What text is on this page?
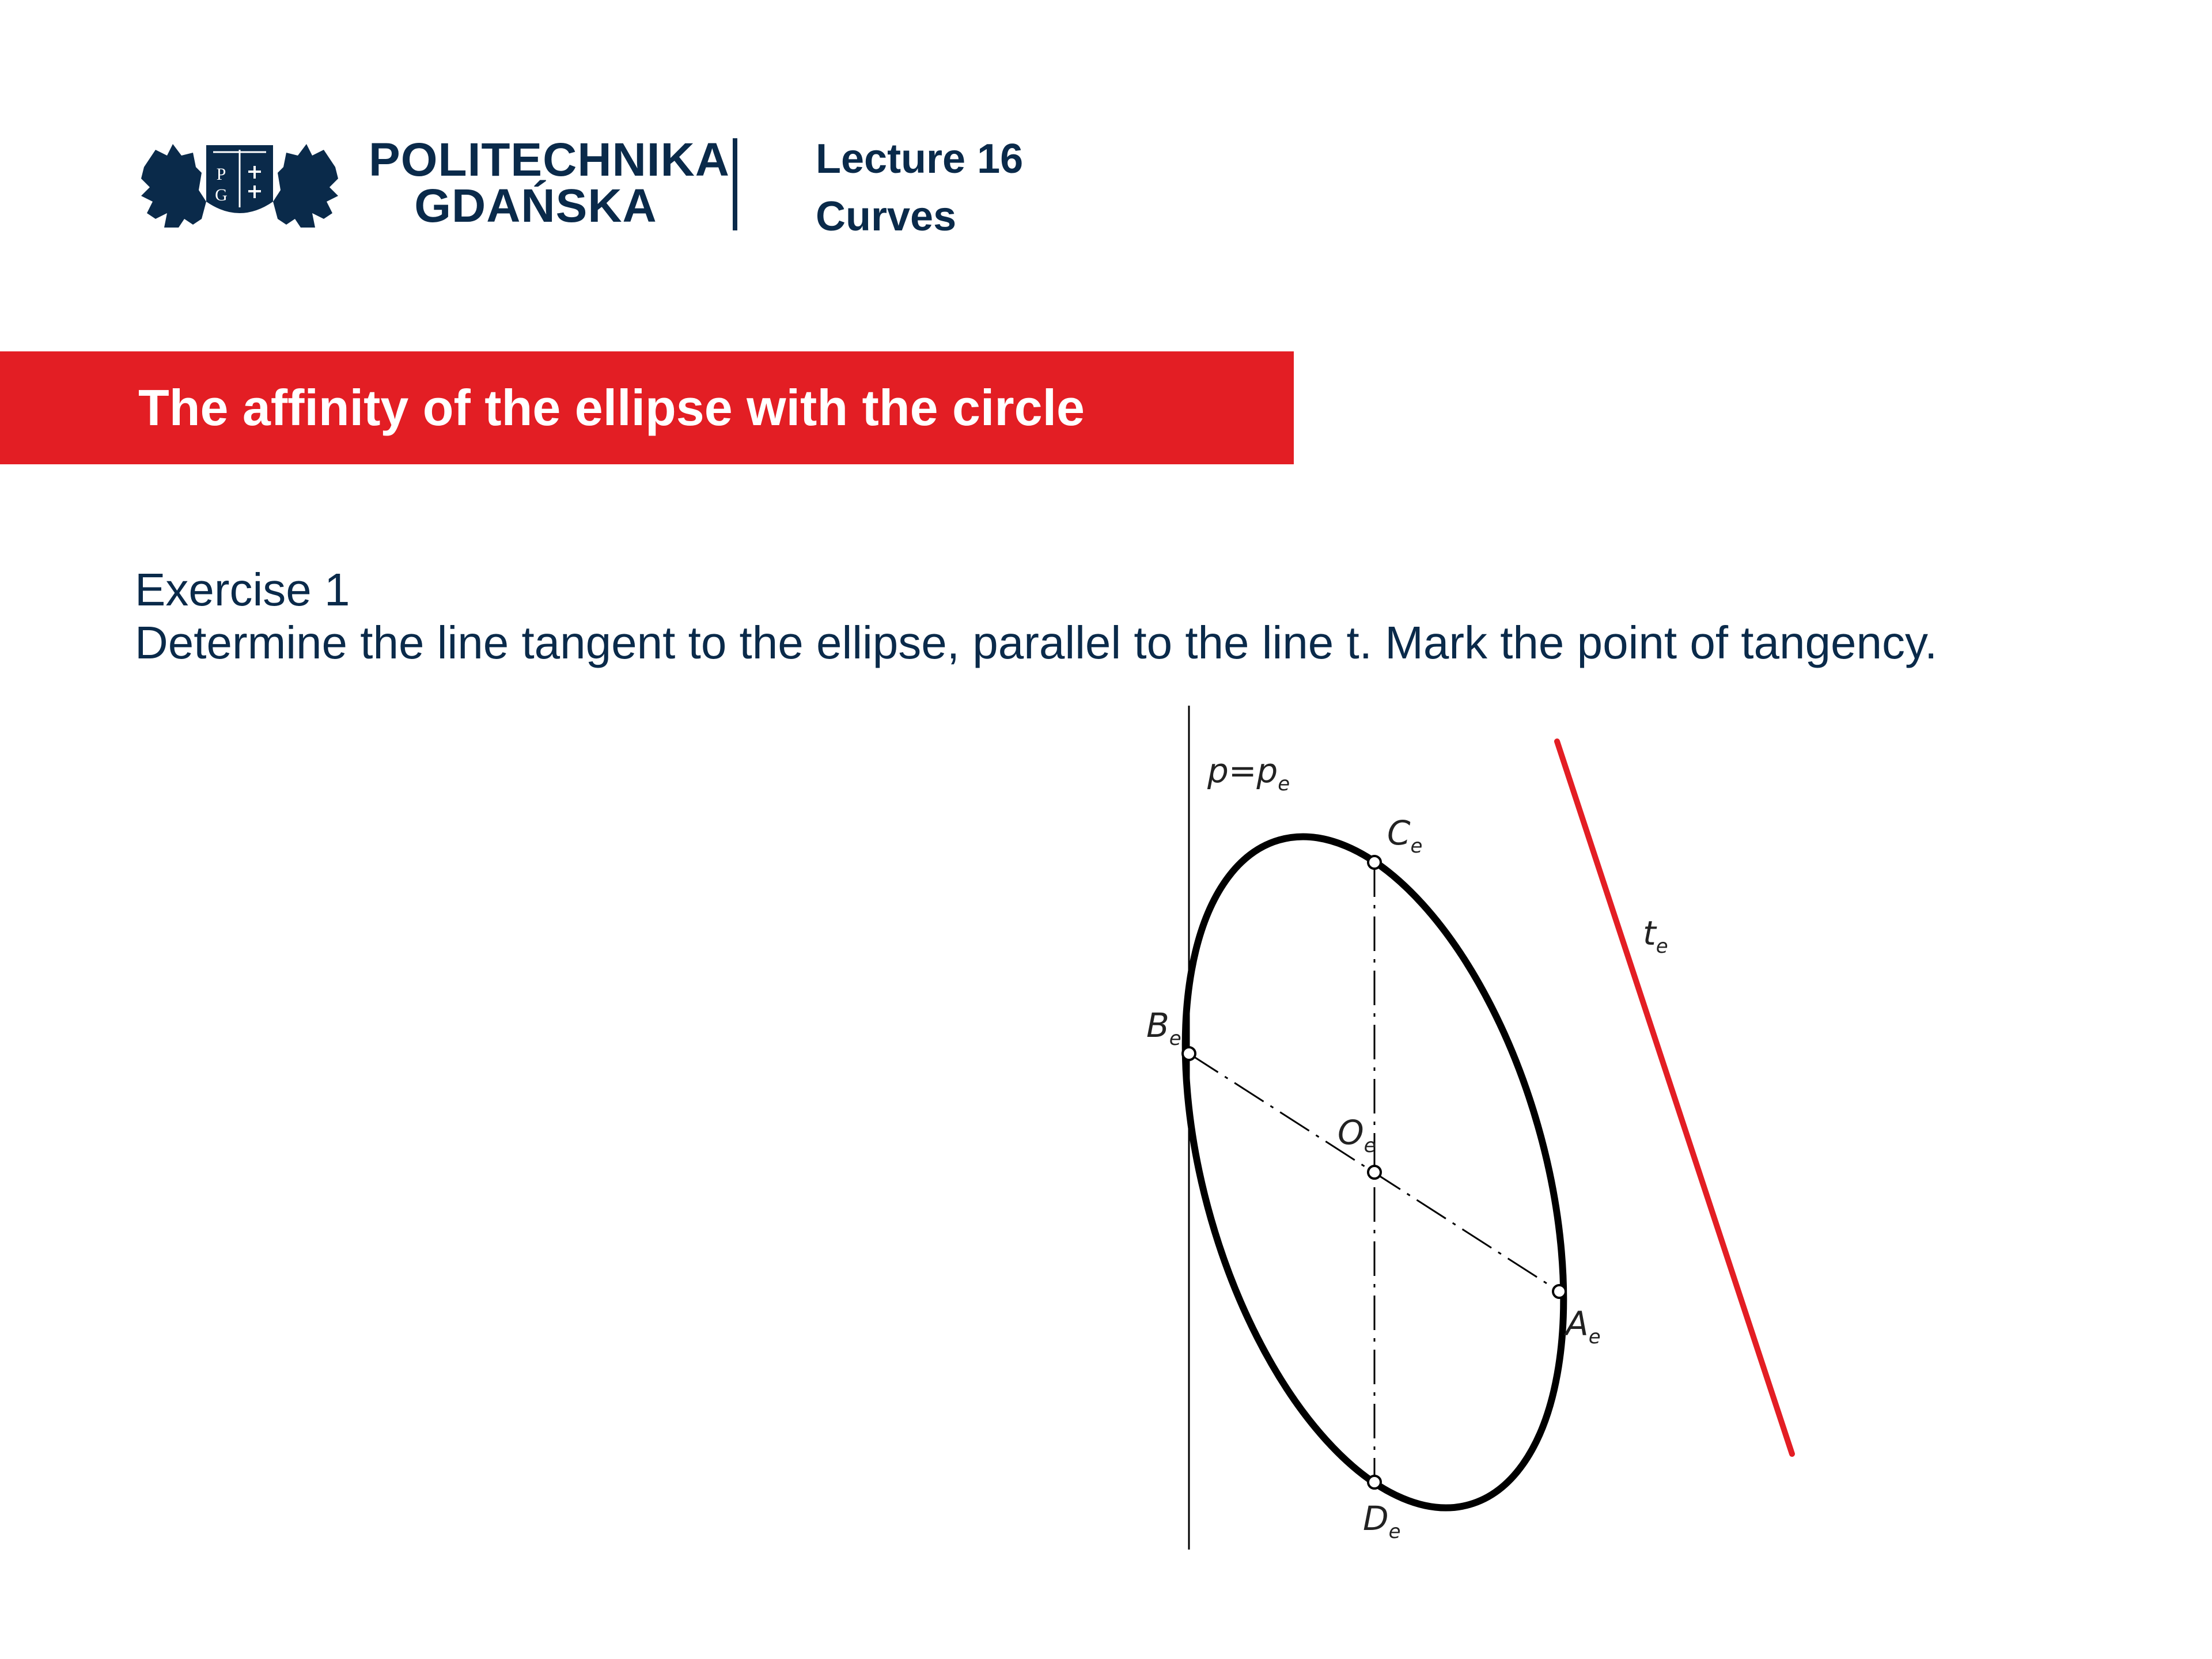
P
G
POLITECHNIKA
GDAŃSKA
Lecture 16
Curves
The affinity of the ellipse with the circle
Exercise 1
Determine the line tangent to the ellipse, parallel to the line t. Mark the point of tangency.
$p=p_e$
$t_e$
$A_e$
$B_e$
$C_e$
$D_e$
$O_e$
